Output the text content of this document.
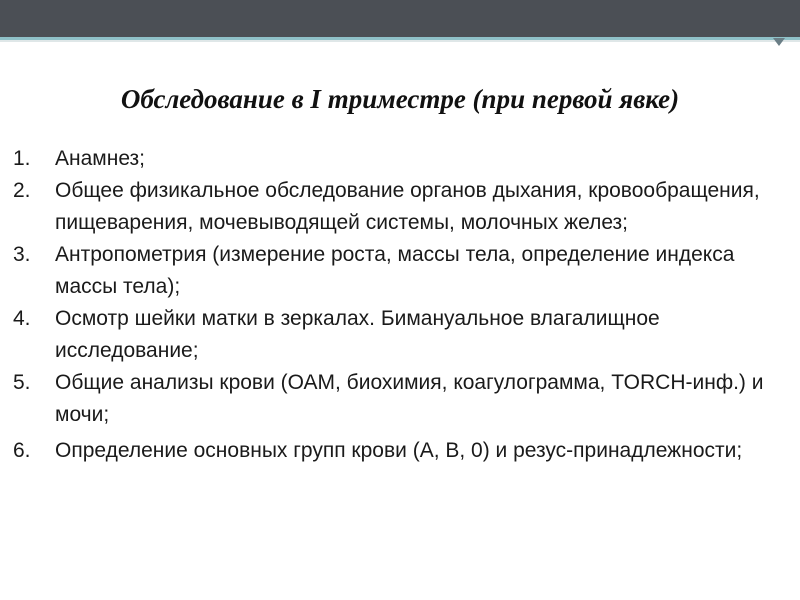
Обследование в I триместре (при первой явке)
1. Анамнез;
2. Общее физикальное обследование органов дыхания, кровообращения, пищеварения, мочевыводящей системы, молочных желез;
3. Антропометрия (измерение роста, массы тела, определение индекса массы тела);
4. Осмотр шейки матки в зеркалах. Бимануальное влагалищное исследование;
5. Общие анализы крови (ОАМ, биохимия, коагулограмма, TORCH-инф.) и мочи;
6. Определение основных групп крови (А, В, 0) и резус-принадлежности;
